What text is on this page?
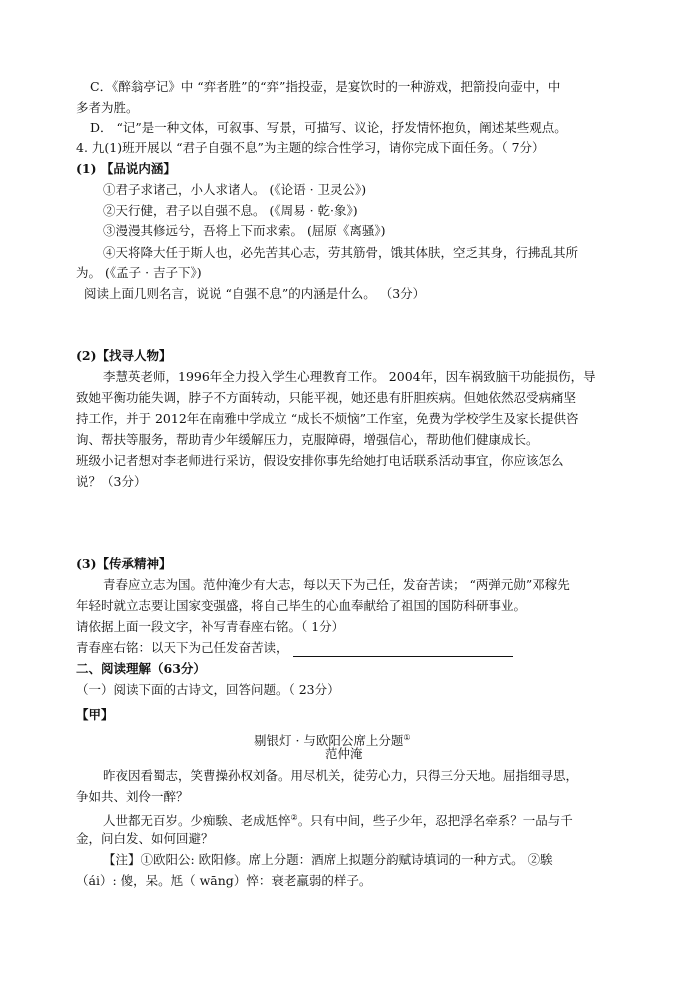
C．《醉翁亭记》中 “弈者胜”的“弈”指投壶，是宴饮时的一种游戏，把箭投向壶中，中
多者为胜。
D． “记”是一种文体，可叙事、写景，可描写、议论，抒发情怀抱负，阐述某些观点。
4. 九(1)班开展以 “君子自强不息”为主题的综合性学习，请你完成下面任务。（ 7分）
(1) 【品说内涵】
①君子求诸己，小人求诸人。 (《论语 · 卫灵公》)
②天行健，君子以自强不息。 (《周易 · 乾·象》)
③漫漫其修远兮，吾将上下而求索。 (屈原《离骚》)
④天将降大任于斯人也，必先苦其心志，劳其筋骨，饿其体肤，空乏其身，行拂乱其所
为。 (《孟子 · 吉子下》)
阅读上面几则名言，说说 “自强不息”的内涵是什么。 （3分）
(2)【找寻人物】
李慧英老师，1996年全力投入学生心理教育工作。 2004年，因车祸致脑干功能损伤，导
致她平衡功能失调，脖子不方面转动，只能平视，她还患有肝胆疾病。但她依然忍受病痛坚
持工作，并于 2012年在南雅中学成立 “成长不烦恼”工作室，免费为学校学生及家长提供咨
询、帮扶等服务，帮助青少年缓解压力，克服障碍，增强信心，帮助他们健康成长。
班级小记者想对李老师进行采访，假设安排你事先给她打电话联系活动事宜，你应该怎么
说？（3分）
(3)【传承精神】
青春应立志为国。范仲淹少有大志，每以天下为己任，发奋苦读； “两弹元勋”邓稼先
年轻时就立志要让国家变强盛，将自己毕生的心血奉献给了祖国的国防科研事业。
请依据上面一段文字，补写青春座右铭。（ 1分）
青春座右铭：以天下为己任发奋苦读，
二、阅读理解（63分）
（一）阅读下面的古诗文，回答问题。（ 23分）
【甲】
剔银灯 · 与欧阳公席上分题①
范仲淹
昨夜因看蜀志，笑曹操孙权刘备。用尽机关，徒劳心力，只得三分天地。屈指细寻思，
争如共、刘伶一醉？
人世都无百岁。少痴騃、老成尪悴②。只有中间，些子少年，忍把浮名牵系？一品与千
金，问白发、如何回避？
【注】①欧阳公: 欧阳修。席上分题：酒席上拟题分韵赋诗填词的一种方式。 ②騃
（ái）: 傻，呆。尪（ wāng）悴：衰老羸弱的样子。
